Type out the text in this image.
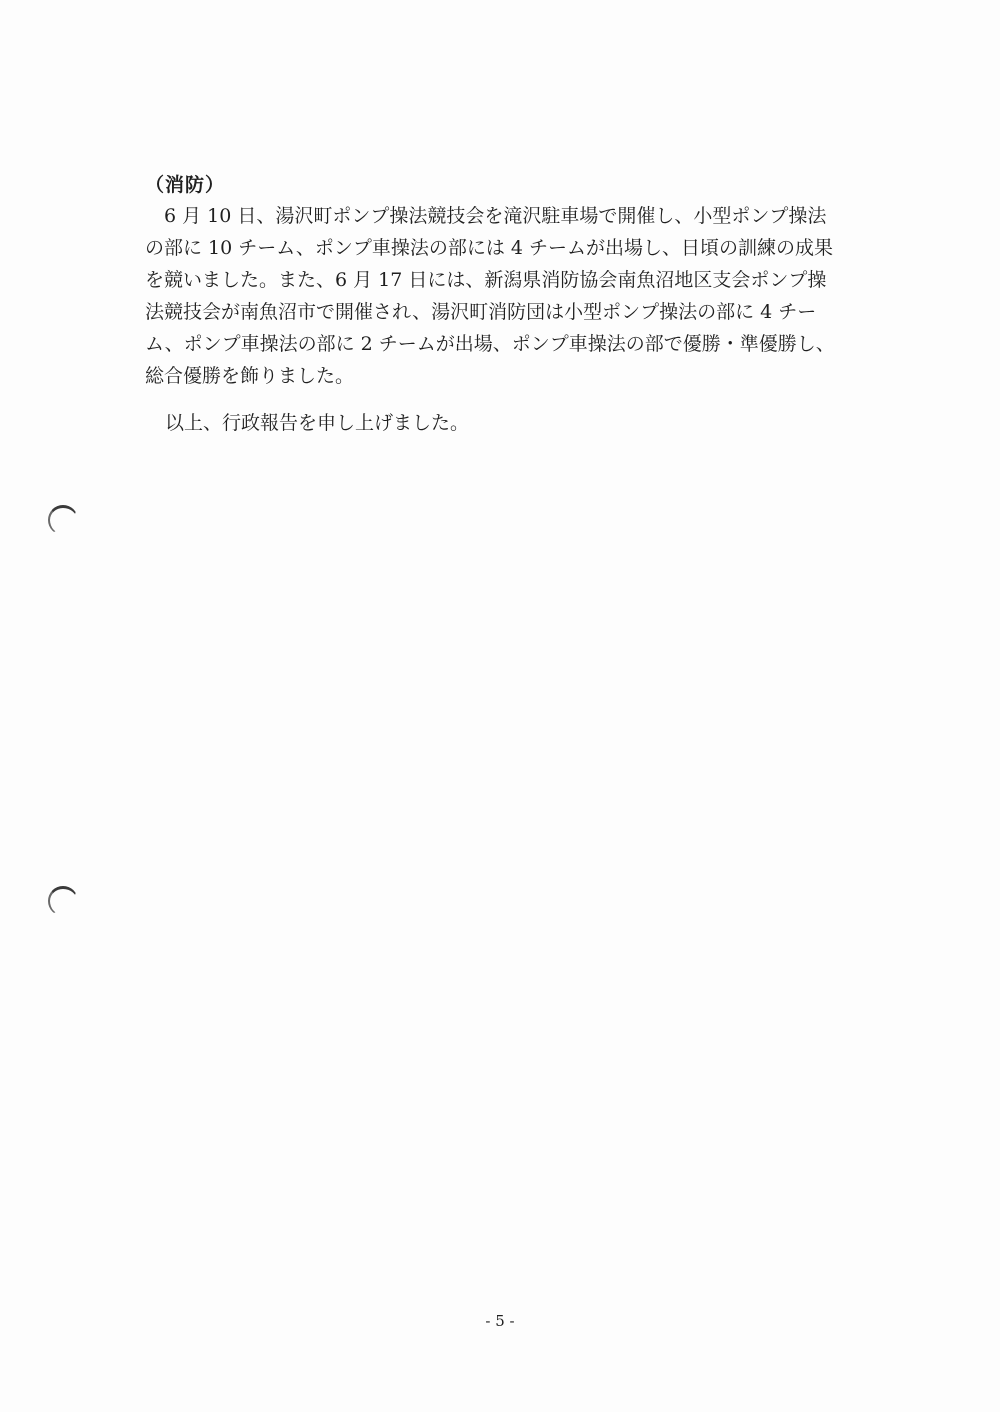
（消防）

　6 月 10 日、湯沢町ポンプ操法競技会を滝沢駐車場で開催し、小型ポンプ操法
の部に 10 チーム、ポンプ車操法の部には 4 チームが出場し、日頃の訓練の成果
を競いました。また、6 月 17 日には、新潟県消防協会南魚沼地区支会ポンプ操
法競技会が南魚沼市で開催され、湯沢町消防団は小型ポンプ操法の部に 4 チー
ム、ポンプ車操法の部に 2 チームが出場、ポンプ車操法の部で優勝・準優勝し、
総合優勝を飾りました。

以上、行政報告を申し上げました。

- 5 -
